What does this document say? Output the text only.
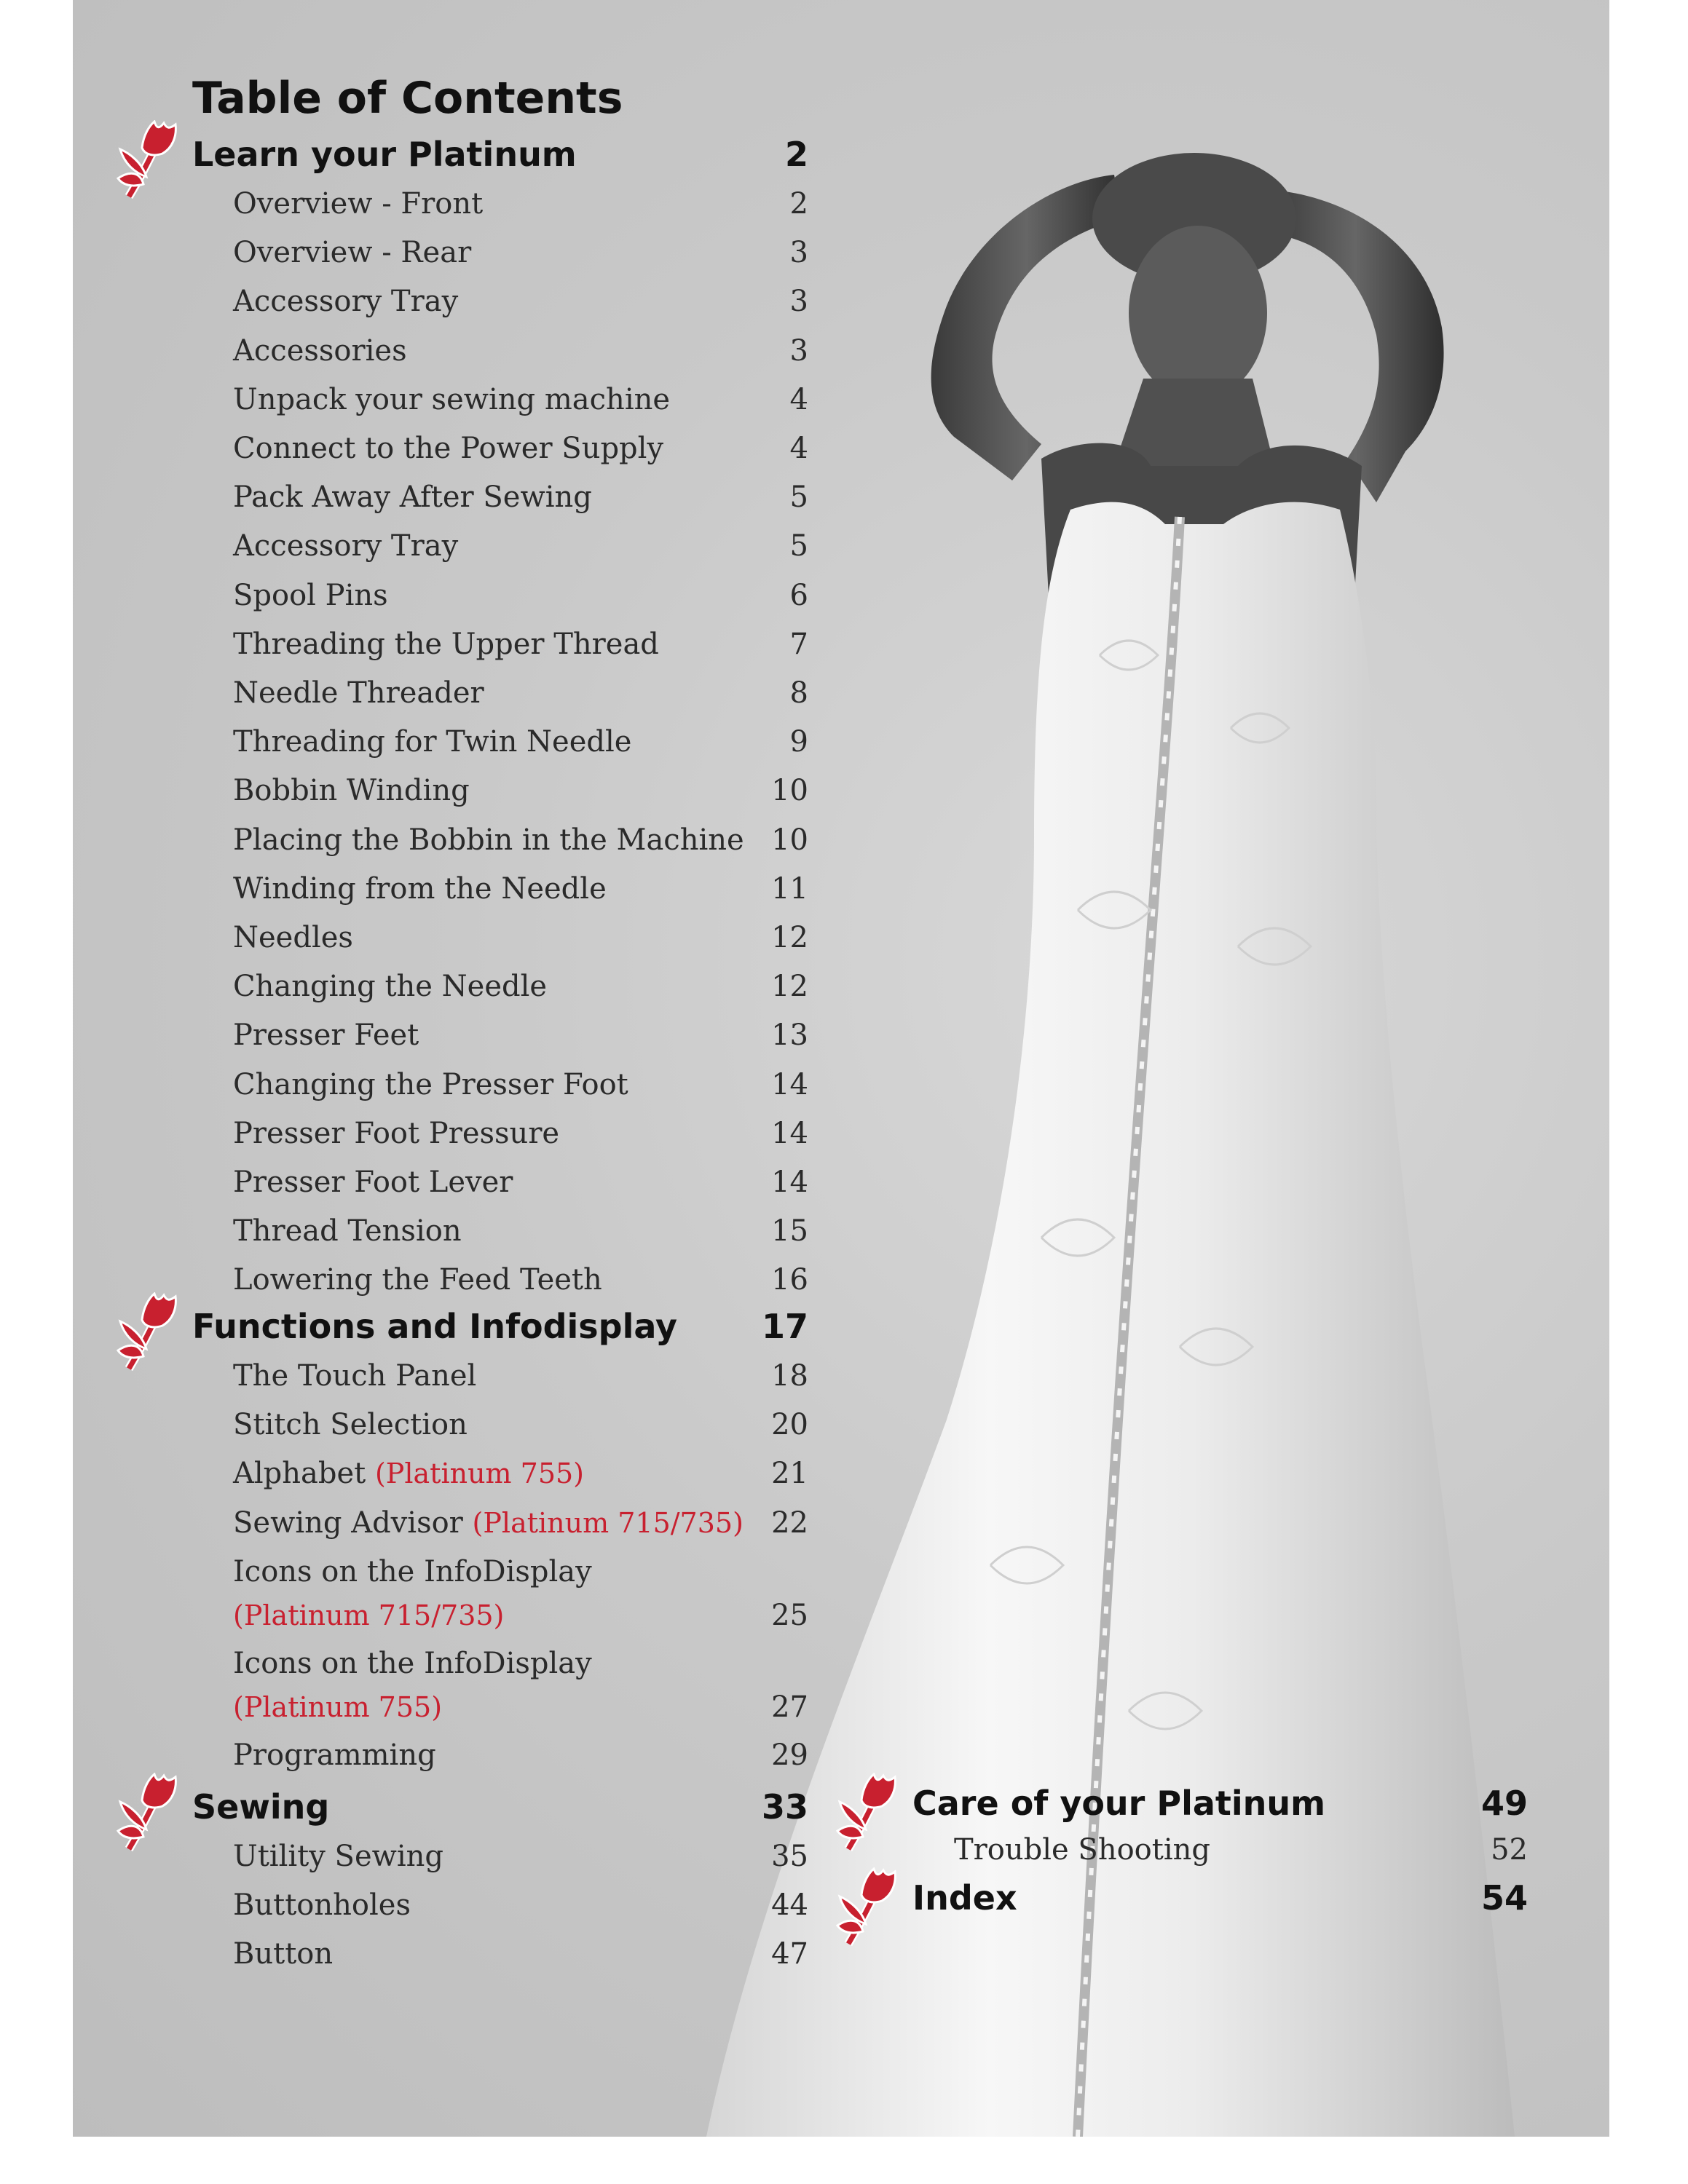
Table of Contents
Learn your Platinum	2
Overview - Front	2
Overview - Rear	3
Accessory Tray	3
Accessories	3
Unpack your sewing machine	4
Connect to the Power Supply	4
Pack Away After Sewing	5
Accessory Tray	5
Spool Pins	6
Threading the Upper Thread	7
Needle Threader	8
Threading for Twin Needle	9
Bobbin Winding	10
Placing the Bobbin in the Machine 10
Winding from the Needle	11
Needles	12
Changing the Needle	12
Presser Feet	13
Changing the Presser Foot	14
Presser Foot Pressure	14
Presser Foot Lever	14
Thread Tension	15
Lowering the Feed Teeth	16
Functions and Infodisplay	17
The Touch Panel	18
Stitch Selection	20
Alphabet (Platinum 755)	21
Sewing Advisor (Platinum 715/735) 22
Icons on the InfoDisplay
(Platinum 715/735)	25
Icons on the InfoDisplay
(Platinum 755)	27
Programming	29
Sewing	33
Utility Sewing	35
Buttonholes	44
Button	47
Care of your Platinum	49
Trouble Shooting	52
Index	54
